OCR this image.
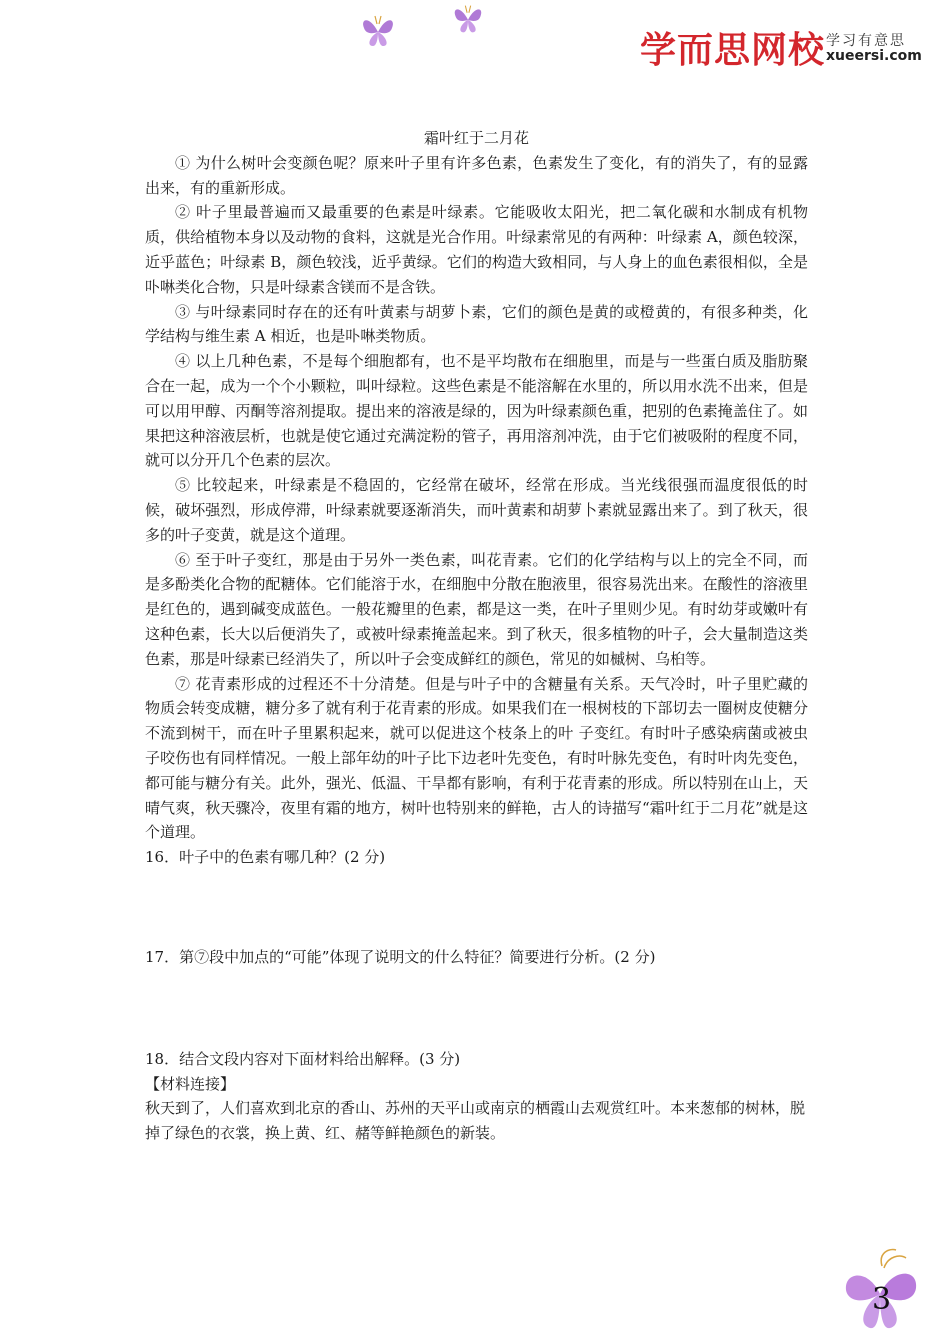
学而思网校 学习有意思
xueersi.com

霜叶红于二月花

① 为什么树叶会变颜色呢？原来叶子里有许多色素，色素发生了变化，有的消失了，有的显露出来，有的重新形成。

② 叶子里最普遍而又最重要的色素是叶绿素。它能吸收太阳光，把二氧化碳和水制成有机物质，供给植物本身以及动物的食料，这就是光合作用。叶绿素常见的有两种：叶绿素 A，颜色较深，近乎蓝色；叶绿素 B，颜色较浅，近乎黄绿。它们的构造大致相同，与人身上的血色素很相似，全是卟啉类化合物，只是叶绿素含镁而不是含铁。

③ 与叶绿素同时存在的还有叶黄素与胡萝卜素，它们的颜色是黄的或橙黄的，有很多种类，化学结构与维生素 A 相近，也是卟啉类物质。

④ 以上几种色素，不是每个细胞都有，也不是平均散布在细胞里，而是与一些蛋白质及脂肪聚合在一起，成为一个个小颗粒，叫叶绿粒。这些色素是不能溶解在水里的，所以用水洗不出来，但是可以用甲醇、丙酮等溶剂提取。提出来的溶液是绿的，因为叶绿素颜色重，把别的色素掩盖住了。如果把这种溶液层析，也就是使它通过充满淀粉的管子，再用溶剂冲洗，由于它们被吸附的程度不同，就可以分开几个色素的层次。

⑤ 比较起来，叶绿素是不稳固的，它经常在破坏，经常在形成。当光线很强而温度很低的时候，破坏强烈，形成停滞，叶绿素就要逐渐消失，而叶黄素和胡萝卜素就显露出来了。到了秋天，很多的叶子变黄，就是这个道理。

⑥ 至于叶子变红，那是由于另外一类色素，叫花青素。它们的化学结构与以上的完全不同，而是多酚类化合物的配糖体。它们能溶于水，在细胞中分散在胞液里，很容易洗出来。在酸性的溶液里是红色的，遇到碱变成蓝色。一般花瓣里的色素，都是这一类，在叶子里则少见。有时幼芽或嫩叶有这种色素，长大以后便消失了，或被叶绿素掩盖起来。到了秋天，很多植物的叶子，会大量制造这类色素，那是叶绿素已经消失了，所以叶子会变成鲜红的颜色，常见的如槭树、乌桕等。

⑦ 花青素形成的过程还不十分清楚。但是与叶子中的含糖量有关系。天气冷时，叶子里贮藏的物质会转变成糖，糖分多了就有利于花青素的形成。如果我们在一根树枝的下部切去一圈树皮使糖分不流到树干，而在叶子里累积起来，就可以促进这个枝条上的叶 子变红。有时叶子感染病菌或被虫子咬伤也有同样情况。一般上部年幼的叶子比下边老叶先变色，有时叶脉先变色，有时叶肉先变色，都可能与糖分有关。此外，强光、低温、干旱都有影响，有利于花青素的形成。所以特别在山上，天晴气爽，秋天骤冷，夜里有霜的地方，树叶也特别来的鲜艳，古人的诗描写“霜叶红于二月花”就是这个道理。

16．叶子中的色素有哪几种？(2 分)

17．第⑦段中加点的“可能”体现了说明文的什么特征？简要进行分析。(2 分)

18．结合文段内容对下面材料给出解释。(3 分)

【材料连接】

秋天到了，人们喜欢到北京的香山、苏州的天平山或南京的栖霞山去观赏红叶。本来葱郁的树林，脱掉了绿色的衣裳，换上黄、红、赭等鲜艳颜色的新装。

3
